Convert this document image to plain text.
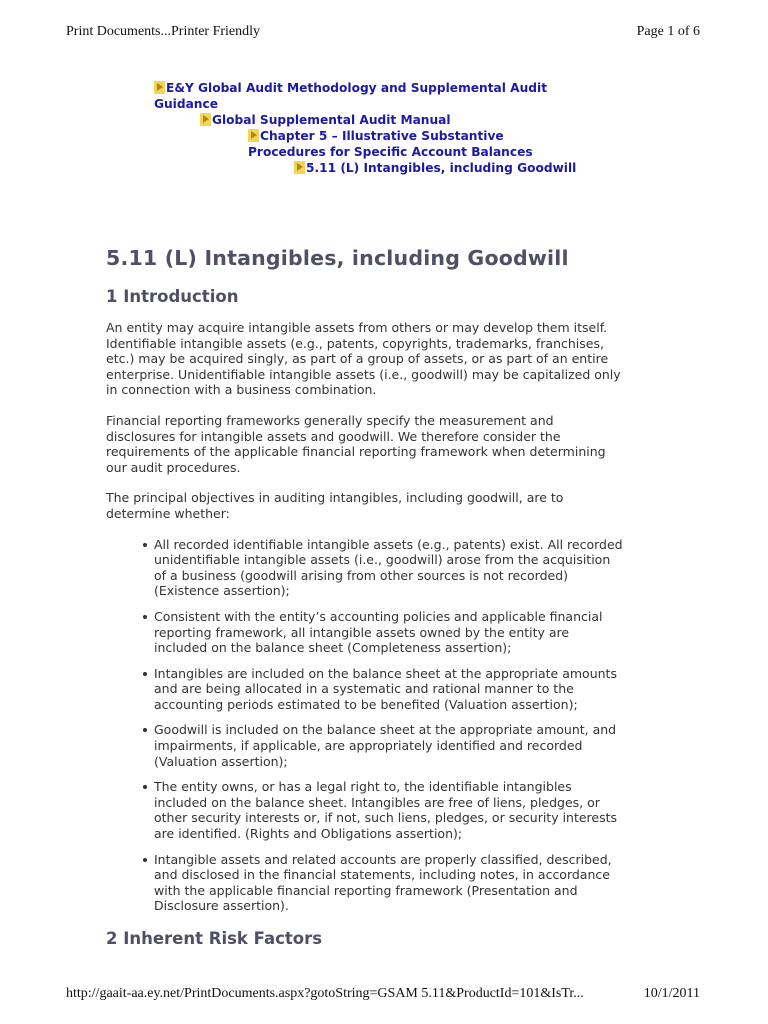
Print Documents...Printer Friendly	Page 1 of 6
E&Y Global Audit Methodology and Supplemental Audit Guidance
Global Supplemental Audit Manual
Chapter 5 – Illustrative Substantive Procedures for Specific Account Balances
5.11 (L) Intangibles, including Goodwill
5.11 (L) Intangibles, including Goodwill
1 Introduction

An entity may acquire intangible assets from others or may develop them itself. Identifiable intangible assets (e.g., patents, copyrights, trademarks, franchises, etc.) may be acquired singly, as part of a group of assets, or as part of an entire enterprise. Unidentifiable intangible assets (i.e., goodwill) may be capitalized only in connection with a business combination.

Financial reporting frameworks generally specify the measurement and disclosures for intangible assets and goodwill. We therefore consider the requirements of the applicable financial reporting framework when determining our audit procedures.

The principal objectives in auditing intangibles, including goodwill, are to determine whether:

All recorded identifiable intangible assets (e.g., patents) exist. All recorded unidentifiable intangible assets (i.e., goodwill) arose from the acquisition of a business (goodwill arising from other sources is not recorded) (Existence assertion);
Consistent with the entity’s accounting policies and applicable financial reporting framework, all intangible assets owned by the entity are included on the balance sheet (Completeness assertion);
Intangibles are included on the balance sheet at the appropriate amounts and are being allocated in a systematic and rational manner to the accounting periods estimated to be benefited (Valuation assertion);
Goodwill is included on the balance sheet at the appropriate amount, and impairments, if applicable, are appropriately identified and recorded (Valuation assertion);
The entity owns, or has a legal right to, the identifiable intangibles included on the balance sheet. Intangibles are free of liens, pledges, or other security interests or, if not, such liens, pledges, or security interests are identified. (Rights and Obligations assertion);
Intangible assets and related accounts are properly classified, described, and disclosed in the financial statements, including notes, in accordance with the applicable financial reporting framework (Presentation and Disclosure assertion).
2 Inherent Risk Factors
http://gaait-aa.ey.net/PrintDocuments.aspx?gotoString=GSAM 5.11&ProductId=101&IsTr...	10/1/2011
